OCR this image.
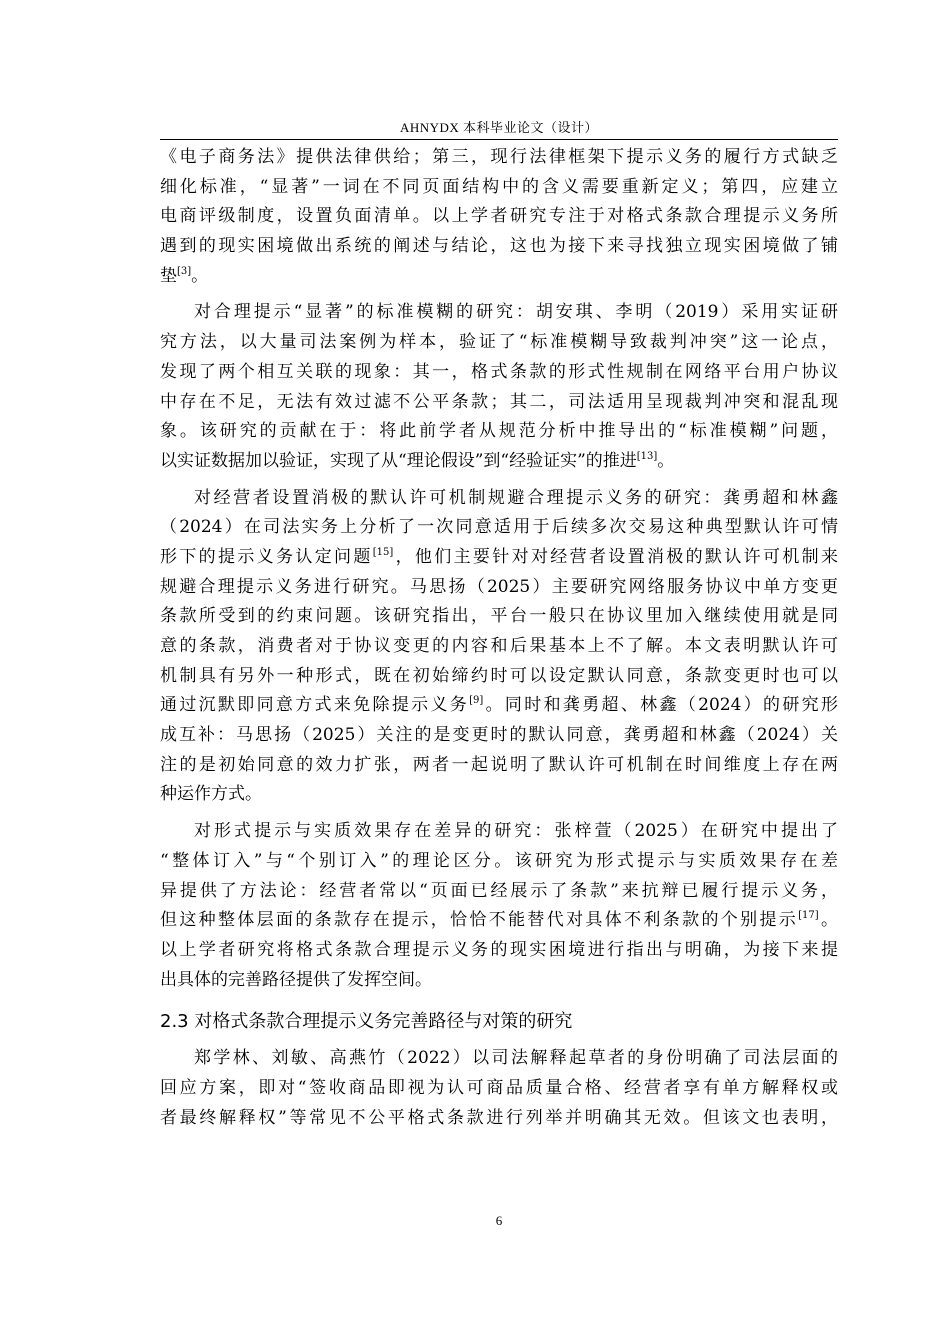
AHNYDX 本科毕业论文（设计）
《电子商务法》提供法律供给；第三，现行法律框架下提示义务的履行方式缺乏
细化标准，“显著”一词在不同页面结构中的含义需要重新定义；第四，应建立
电商评级制度，设置负面清单。以上学者研究专注于对格式条款合理提示义务所
遇到的现实困境做出系统的阐述与结论，这也为接下来寻找独立现实困境做了铺
垫[3]。
对合理提示“显著”的标准模糊的研究：胡安琪、李明（2019）采用实证研
究方法，以大量司法案例为样本，验证了“标准模糊导致裁判冲突”这一论点，
发现了两个相互关联的现象：其一，格式条款的形式性规制在网络平台用户协议
中存在不足，无法有效过滤不公平条款；其二，司法适用呈现裁判冲突和混乱现
象。该研究的贡献在于：将此前学者从规范分析中推导出的“标准模糊”问题，
以实证数据加以验证，实现了从“理论假设”到“经验证实”的推进[13]。
对经营者设置消极的默认许可机制规避合理提示义务的研究：龚勇超和林鑫
（2024）在司法实务上分析了一次同意适用于后续多次交易这种典型默认许可情
形下的提示义务认定问题[15]，他们主要针对对经营者设置消极的默认许可机制来
规避合理提示义务进行研究。马思扬（2025）主要研究网络服务协议中单方变更
条款所受到的约束问题。该研究指出，平台一般只在协议里加入继续使用就是同
意的条款，消费者对于协议变更的内容和后果基本上不了解。本文表明默认许可
机制具有另外一种形式，既在初始缔约时可以设定默认同意，条款变更时也可以
通过沉默即同意方式来免除提示义务[9]。同时和龚勇超、林鑫（2024）的研究形
成互补：马思扬（2025）关注的是变更时的默认同意，龚勇超和林鑫（2024）关
注的是初始同意的效力扩张，两者一起说明了默认许可机制在时间维度上存在两
种运作方式。
对形式提示与实质效果存在差异的研究：张梓萱（2025）在研究中提出了
“整体订入”与“个别订入”的理论区分。该研究为形式提示与实质效果存在差
异提供了方法论：经营者常以“页面已经展示了条款”来抗辩已履行提示义务，
但这种整体层面的条款存在提示，恰恰不能替代对具体不利条款的个别提示[17]。
以上学者研究将格式条款合理提示义务的现实困境进行指出与明确，为接下来提
出具体的完善路径提供了发挥空间。
2.3 对格式条款合理提示义务完善路径与对策的研究
郑学林、刘敏、高燕竹（2022）以司法解释起草者的身份明确了司法层面的
回应方案，即对“签收商品即视为认可商品质量合格、经营者享有单方解释权或
者最终解释权”等常见不公平格式条款进行列举并明确其无效。但该文也表明，
6
